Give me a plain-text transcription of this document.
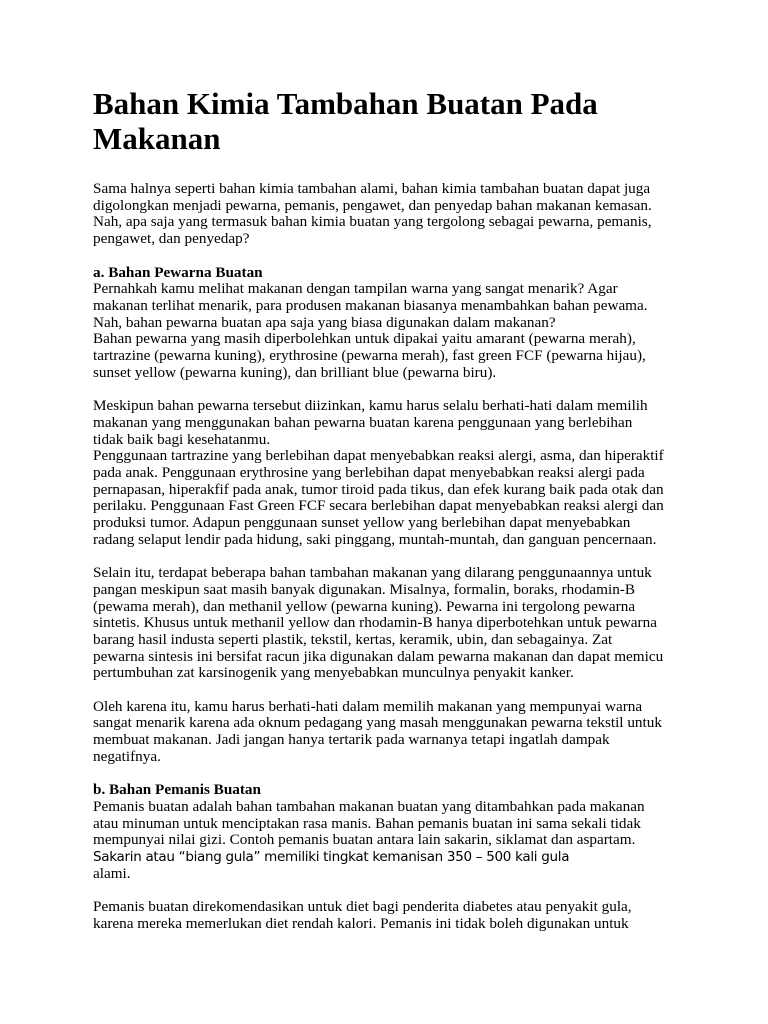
Bahan Kimia Tambahan Buatan Pada
Makanan

Sama halnya seperti bahan kimia tambahan alami, bahan kimia tambahan buatan dapat juga
digolongkan menjadi pewarna, pemanis, pengawet, dan penyedap bahan makanan kemasan.
Nah, apa saja yang termasuk bahan kimia buatan yang tergolong sebagai pewarna, pemanis,
pengawet, dan penyedap?

a. Bahan Pewarna Buatan
Pernahkah kamu melihat makanan dengan tampilan warna yang sangat menarik? Agar
makanan terlihat menarik, para produsen makanan biasanya menambahkan bahan pewama.
Nah, bahan pewarna buatan apa saja yang biasa digunakan dalam makanan?
Bahan pewarna yang masih diperbolehkan untuk dipakai yaitu amarant (pewarna merah),
tartrazine (pewarna kuning), erythrosine (pewarna merah), fast green FCF (pewarna hijau),
sunset yellow (pewarna kuning), dan brilliant blue (pewarna biru).

Meskipun bahan pewarna tersebut diizinkan, kamu harus selalu berhati-hati dalam memilih
makanan yang menggunakan bahan pewarna buatan karena penggunaan yang berlebihan
tidak baik bagi kesehatanmu.
Penggunaan tartrazine yang berlebihan dapat menyebabkan reaksi alergi, asma, dan hiperaktif
pada anak. Penggunaan erythrosine yang berlebihan dapat menyebabkan reaksi alergi pada
pernapasan, hiperakfif pada anak, tumor tiroid pada tikus, dan efek kurang baik pada otak dan
perilaku. Penggunaan Fast Green FCF secara berlebihan dapat menyebabkan reaksi alergi dan
produksi tumor. Adapun penggunaan sunset yellow yang berlebihan dapat menyebabkan
radang selaput lendir pada hidung, saki pinggang, muntah-muntah, dan ganguan pencernaan.

Selain itu, terdapat beberapa bahan tambahan makanan yang dilarang penggunaannya untuk
pangan meskipun saat masih banyak digunakan. Misalnya, formalin, boraks, rhodamin-B
(pewama merah), dan methanil yellow (pewarna kuning). Pewarna ini tergolong pewarna
sintetis. Khusus untuk methanil yellow dan rhodamin-B hanya diperbotehkan untuk pewarna
barang hasil industa seperti plastik, tekstil, kertas, keramik, ubin, dan sebagainya. Zat
pewarna sintesis ini bersifat racun jika digunakan dalam pewarna makanan dan dapat memicu
pertumbuhan zat karsinogenik yang menyebabkan munculnya penyakit kanker.

Oleh karena itu, kamu harus berhati-hati dalam memilih makanan yang mempunyai warna
sangat menarik karena ada oknum pedagang yang masah menggunakan pewarna tekstil untuk
membuat makanan. Jadi jangan hanya tertarik pada warnanya tetapi ingatlah dampak
negatifnya.

b. Bahan Pemanis Buatan
Pemanis buatan adalah bahan tambahan makanan buatan yang ditambahkan pada makanan
atau minuman untuk menciptakan rasa manis. Bahan pemanis buatan ini sama sekali tidak
mempunyai nilai gizi. Contoh pemanis buatan antara lain sakarin, siklamat dan aspartam.
Sakarin atau “biang gula” memiliki tingkat kemanisan 350 – 500 kali gula
alami.

Pemanis buatan direkomendasikan untuk diet bagi penderita diabetes atau penyakit gula,
karena mereka memerlukan diet rendah kalori. Pemanis ini tidak boleh digunakan untuk
